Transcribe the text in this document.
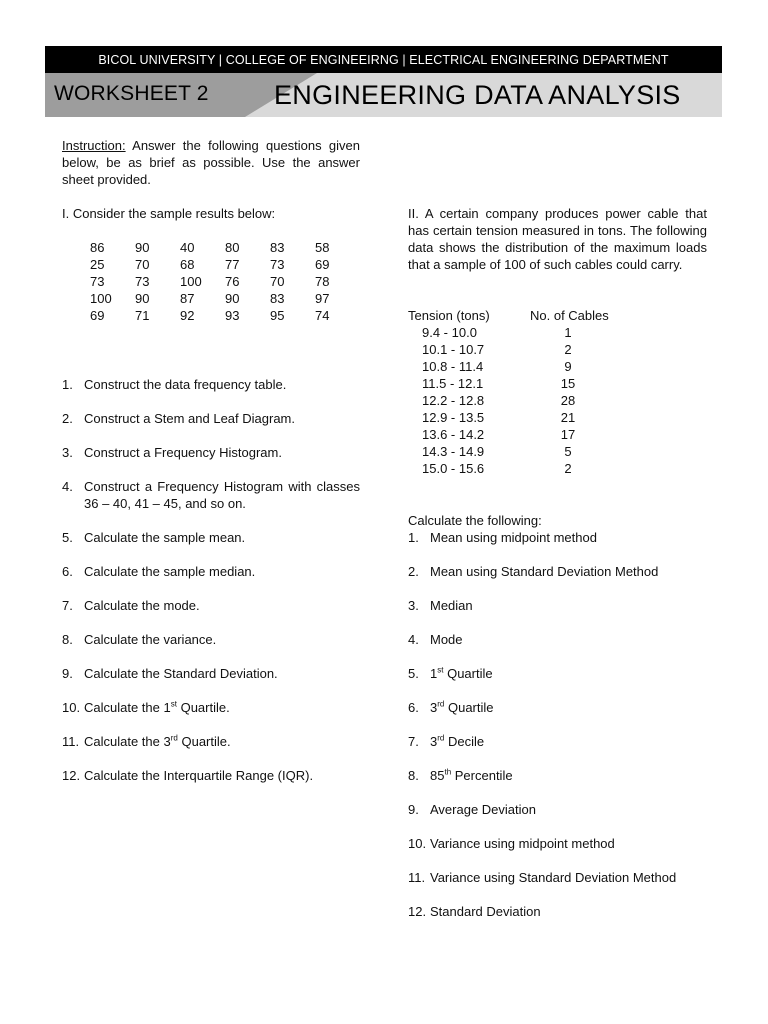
BICOL UNIVERSITY | COLLEGE OF ENGINEEIRNG | ELECTRICAL ENGINEERING DEPARTMENT
WORKSHEET 2 ENGINEERING DATA ANALYSIS
Instruction: Answer the following questions given below, be as brief as possible. Use the answer sheet provided.
I. Consider the sample results below:
86	90	40	80	83	58
25	70	68	77	73	69
73	73	100	76	70	78
100	90	87	90	83	97
69	71	92	93	95	74
1. Construct the data frequency table.
2. Construct a Stem and Leaf Diagram.
3. Construct a Frequency Histogram.
4. Construct a Frequency Histogram with classes 36 – 40, 41 – 45, and so on.
5. Calculate the sample mean.
6. Calculate the sample median.
7. Calculate the mode.
8. Calculate the variance.
9. Calculate the Standard Deviation.
10. Calculate the 1st Quartile.
11. Calculate the 3rd Quartile.
12. Calculate the Interquartile Range (IQR).
II. A certain company produces power cable that has certain tension measured in tons. The following data shows the distribution of the maximum loads that a sample of 100 of such cables could carry.
Tension (tons)	No. of Cables
9.4 - 10.0	1
10.1 - 10.7	2
10.8 - 11.4	9
11.5 - 12.1	15
12.2 - 12.8	28
12.9 - 13.5	21
13.6 - 14.2	17
14.3 - 14.9	5
15.0 - 15.6	2
Calculate the following:
1. Mean using midpoint method
2. Mean using Standard Deviation Method
3. Median
4. Mode
5. 1st Quartile
6. 3rd Quartile
7. 3rd Decile
8. 85th Percentile
9. Average Deviation
10. Variance using midpoint method
11. Variance using Standard Deviation Method
12. Standard Deviation
